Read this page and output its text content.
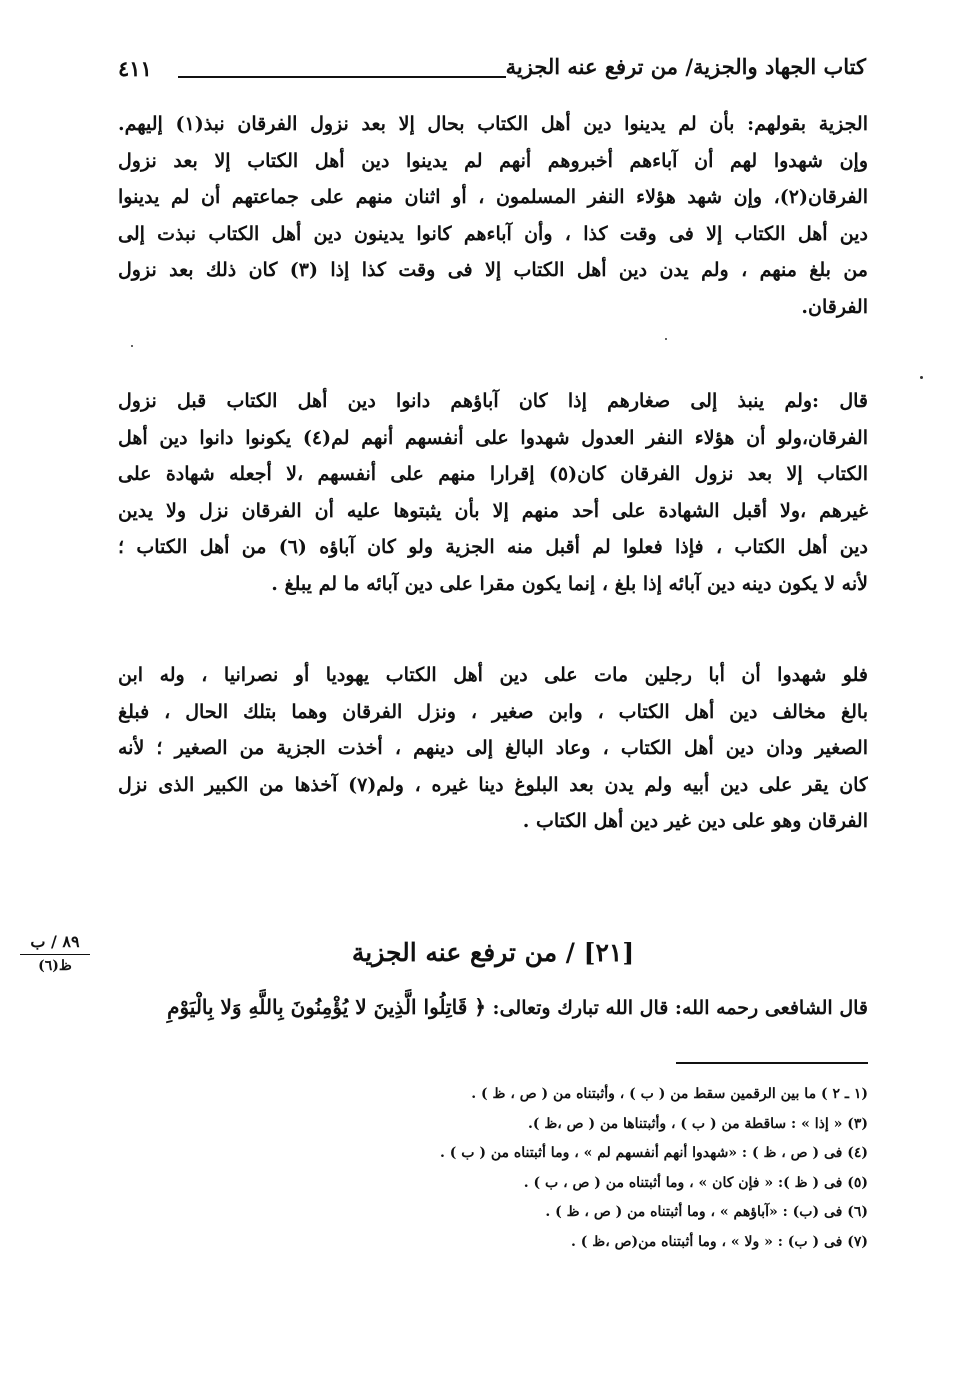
كتاب الجهاد والجزية/ من ترفع عنه الجزية
٤١١
الجزية بقولهم: بأن لم يدينوا دين أهل الكتاب بحال إلا بعد نزول الفرقان نبذ(١) إليهم.
وإن شهدوا لهم أن آباءهم أخبروهم أنهم لم يدينوا دين أهل الكتاب إلا بعد نزول
الفرقان(٢)، وإن شهد هؤلاء النفر المسلمون ، أو اثنان منهم على جماعتهم أن لم يدينوا
دين أهل الكتاب إلا فى وقت كذا ، وأن آباءهم كانوا يدينون دين أهل الكتاب نبذت إلى
من بلغ منهم ، ولم يدن دين أهل الكتاب إلا فى وقت كذا إذا (٣) كان ذلك بعد نزول
الفرقان.
قال :ولم ينبذ إلى صغارهم إذا كان آباؤهم دانوا دين أهل الكتاب قبل نزول
الفرقان،ولو أن هؤلاء النفر العدول شهدوا على أنفسهم أنهم لم(٤) يكونوا دانوا دين أهل
الكتاب إلا بعد نزول الفرقان كان(٥) إقرارا منهم على أنفسهم ،لا أجعله شهادة على
غيرهم ،ولا أقبل الشهادة على أحد منهم إلا بأن يثبتوها عليه أن الفرقان نزل ولا يدين
دين أهل الكتاب ، فإذا فعلوا لم أقبل منه الجزية ولو كان آباؤه (٦) من أهل الكتاب ؛
لأنه لا يكون دينه دين آبائه إذا بلغ ، إنما يكون مقرا على دين آبائه ما لم يبلغ .
فلو شهدوا أن أبا رجلين مات على دين أهل الكتاب يهوديا أو نصرانيا ، وله ابن
بالغ مخالف دين أهل الكتاب ، وابن صغير ، ونزل الفرقان وهما بتلك الحال ، فبلغ
الصغير ودان دين أهل الكتاب ، وعاد البالغ إلى دينهم ، أخذت الجزية من الصغير ؛ لأنه
كان يقر على دين أبيه ولم يدن بعد البلوغ دينا غيره ، ولم(٧) آخذها من الكبير الذى نزل
الفرقان وهو على دين غير دين أهل الكتاب .
٨٩ / ب
ظ(٦)	[٢١] / من ترفع عنه الجزية
قال الشافعى رحمه الله: قال الله تبارك وتعالى: ﴿ قَاتِلُوا الَّذِينَ لا يُؤْمِنُونَ بِاللَّهِ وَلا بِالْيَوْمِ
(١ ـ ٢ ) ما بين الرقمين سقط من ( ب ) ، وأثبتناه من ( ص ، ظ ) .
(٣) « إذا » : ساقطة من ( ب ) ، وأثبتناها من ( ص ،ظ ).
(٤) فى ( ص ، ظ ) : «شهدوا أنهم أنفسهم لم » ، وما أثبتناه من ( ب ) .
(٥) فى ( ظ ): « فإن كان » ، وما أثبتناه من ( ص ، ب ) .
(٦) فى (ب) : «آباؤهم » ، وما أثبتناه من ( ص ، ظ ) .
(٧) فى ( ب) : « ولا » ، وما أثبتناه من(ص ،ظ ) .
